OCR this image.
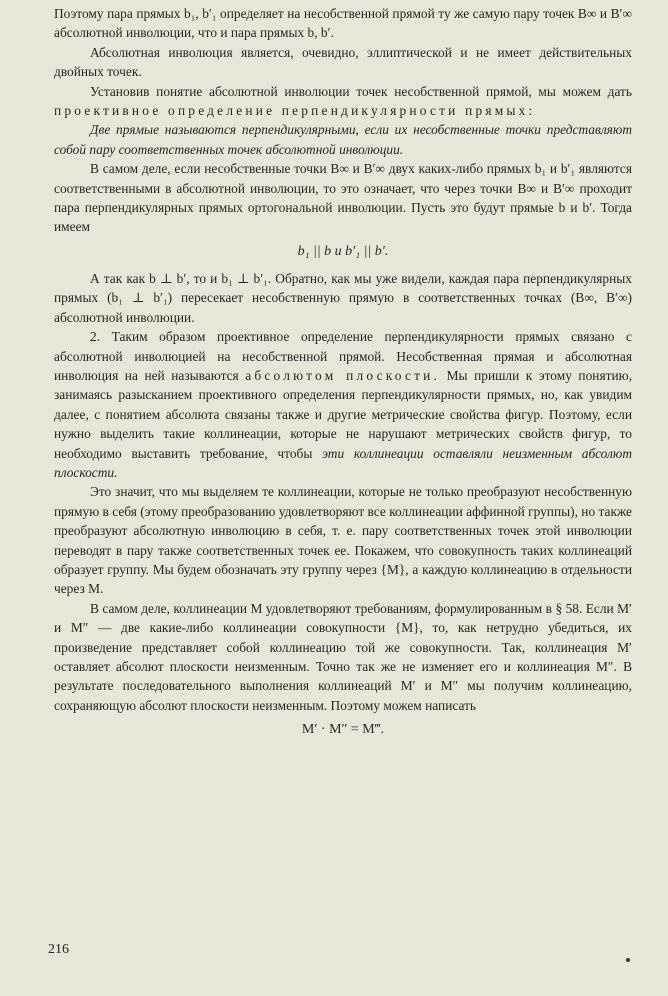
Поэтому пара прямых b₁, b′₁ определяет на несобственной прямой ту же самую пару точек B∞ и B′∞ абсолютной инволюции, что и пара прямых b, b′.

Абсолютная инволюция является, очевидно, эллиптической и не имеет действительных двойных точек.

Установив понятие абсолютной инволюции точек несобственной прямой, мы можем дать проективное определение перпендикулярности прямых:

Две прямые называются перпендикулярными, если их несобственные точки представляют собой пару соответственных точек абсолютной инволюции.

В самом деле, если несобственные точки B∞ и B′∞ двух каких-либо прямых b₁ и b′₁ являются соответственными в абсолютной инволюции, то это означает, что через точки B∞ и B′∞ проходит пара перпендикулярных прямых ортогональной инволюции. Пусть это будут прямые b и b′. Тогда имеем

b₁ || b и b′₁ || b′.

А так как b ⊥ b′, то и b₁ ⊥ b′₁. Обратно, как мы уже видели, каждая пара перпендикулярных прямых (b₁ ⊥ b′₁) пересекает несобственную прямую в соответственных точках (B∞, B′∞) абсолютной инволюции.

2. Таким образом проективное определение перпендикулярности прямых связано с абсолютной инволюцией на несобственной прямой. Несобственная прямая и абсолютная инволюция на ней называются абсолютом плоскости. Мы пришли к этому понятию, занимаясь разысканием проективного определения перпендикулярности прямых, но, как увидим далее, с понятием абсолюта связаны также и другие метрические свойства фигур. Поэтому, если нужно выделить такие коллинеации, которые не нарушают метрических свойств фигур, то необходимо выставить требование, чтобы эти коллинеации оставляли неизменным абсолют плоскости.

Это значит, что мы выделяем те коллинеации, которые не только преобразуют несобственную прямую в себя (этому преобразованию удовлетворяют все коллинеации аффинной группы), но также преобразуют абсолютную инволюцию в себя, т. е. пару соответственных точек этой инволюции переводят в пару также соответственных точек ее. Покажем, что совокупность таких коллинеаций образует группу. Мы будем обозначать эту группу через {M}, а каждую коллинеацию в отдельности через M.

В самом деле, коллинеации M удовлетворяют требованиям, формулированным в § 58. Если M′ и M″ — две какие-либо коллинеации совокупности {M}, то, как нетрудно убедиться, их произведение представляет собой коллинеацию той же совокупности. Так, коллинеация M′ оставляет абсолют плоскости неизменным. Точно так же не изменяет его и коллинеация M″. В результате последовательного выполнения коллинеаций M′ и M″ мы получим коллинеацию, сохраняющую абсолют плоскости неизменным. Поэтому можем написать

M′ · M″ = M‴.
216
